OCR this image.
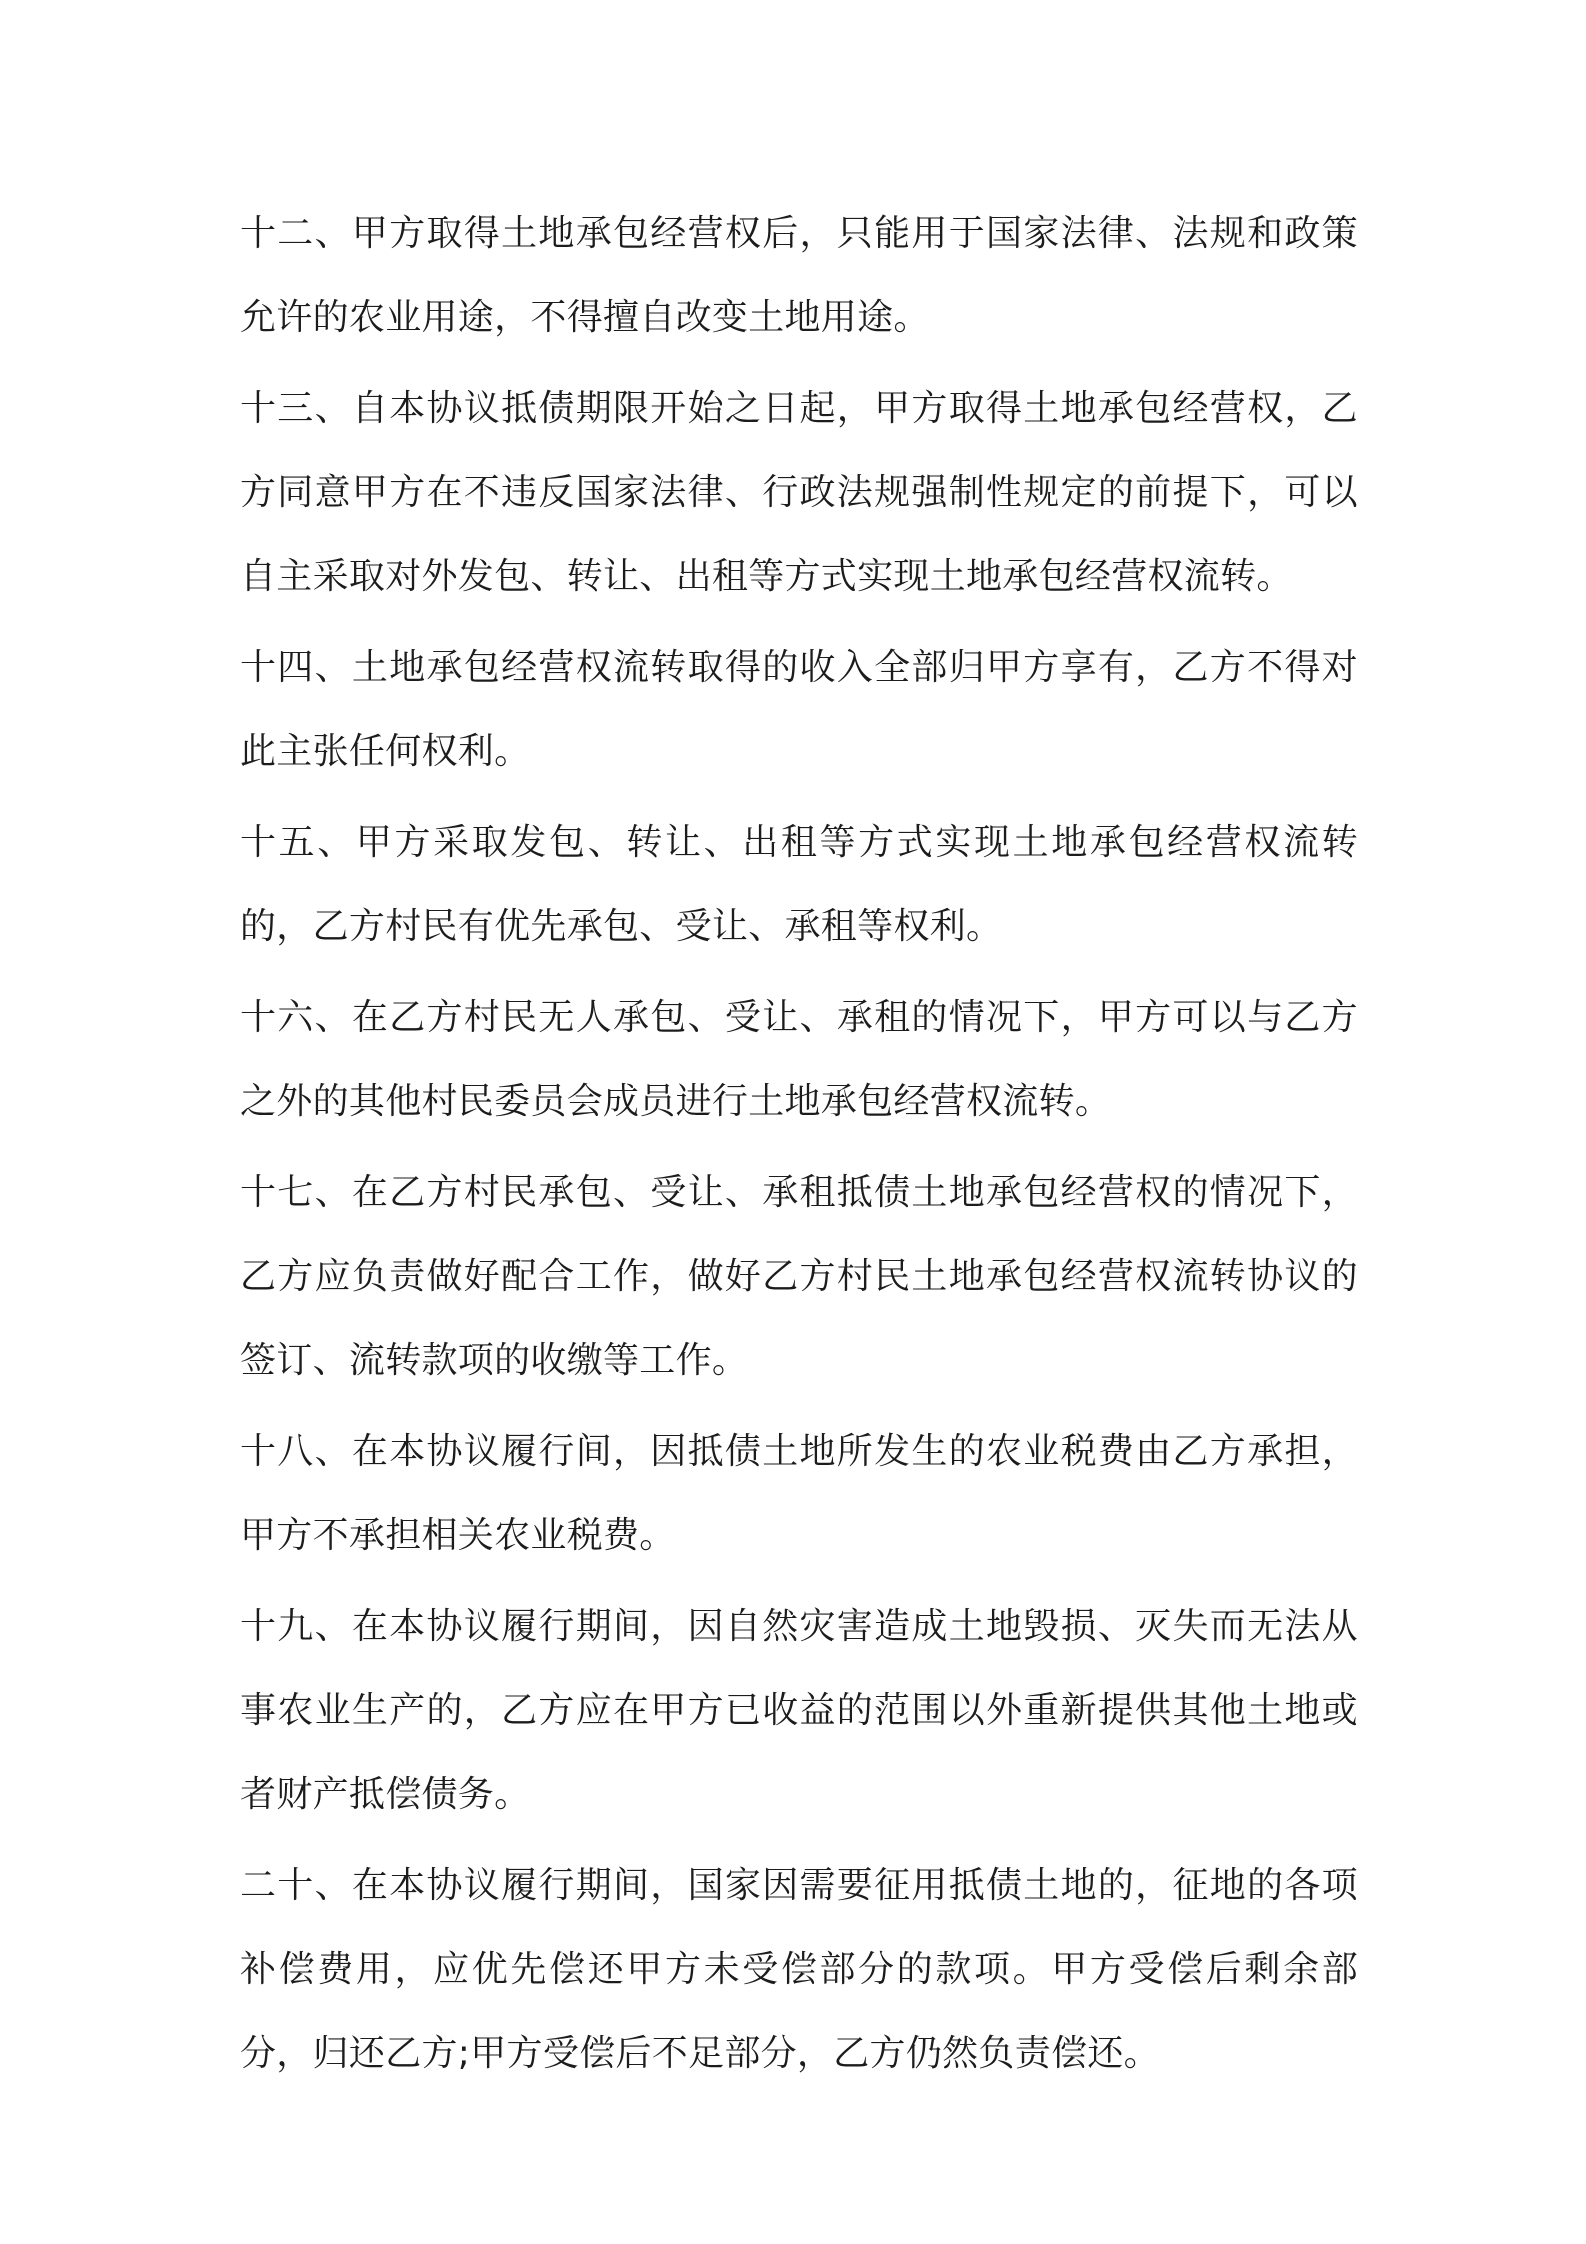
十二、甲方取得土地承包经营权后，只能用于国家法律、法规和政策允许的农业用途，不得擅自改变土地用途。

十三、自本协议抵债期限开始之日起，甲方取得土地承包经营权，乙方同意甲方在不违反国家法律、行政法规强制性规定的前提下，可以自主采取对外发包、转让、出租等方式实现土地承包经营权流转。

十四、土地承包经营权流转取得的收入全部归甲方享有，乙方不得对此主张任何权利。

十五、甲方采取发包、转让、出租等方式实现土地承包经营权流转的，乙方村民有优先承包、受让、承租等权利。

十六、在乙方村民无人承包、受让、承租的情况下，甲方可以与乙方之外的其他村民委员会成员进行土地承包经营权流转。

十七、在乙方村民承包、受让、承租抵债土地承包经营权的情况下，乙方应负责做好配合工作，做好乙方村民土地承包经营权流转协议的签订、流转款项的收缴等工作。

十八、在本协议履行间，因抵债土地所发生的农业税费由乙方承担，甲方不承担相关农业税费。

十九、在本协议履行期间，因自然灾害造成土地毁损、灭失而无法从事农业生产的，乙方应在甲方已收益的范围以外重新提供其他土地或者财产抵偿债务。

二十、在本协议履行期间，国家因需要征用抵债土地的，征地的各项补偿费用，应优先偿还甲方未受偿部分的款项。甲方受偿后剩余部分，归还乙方;甲方受偿后不足部分，乙方仍然负责偿还。
